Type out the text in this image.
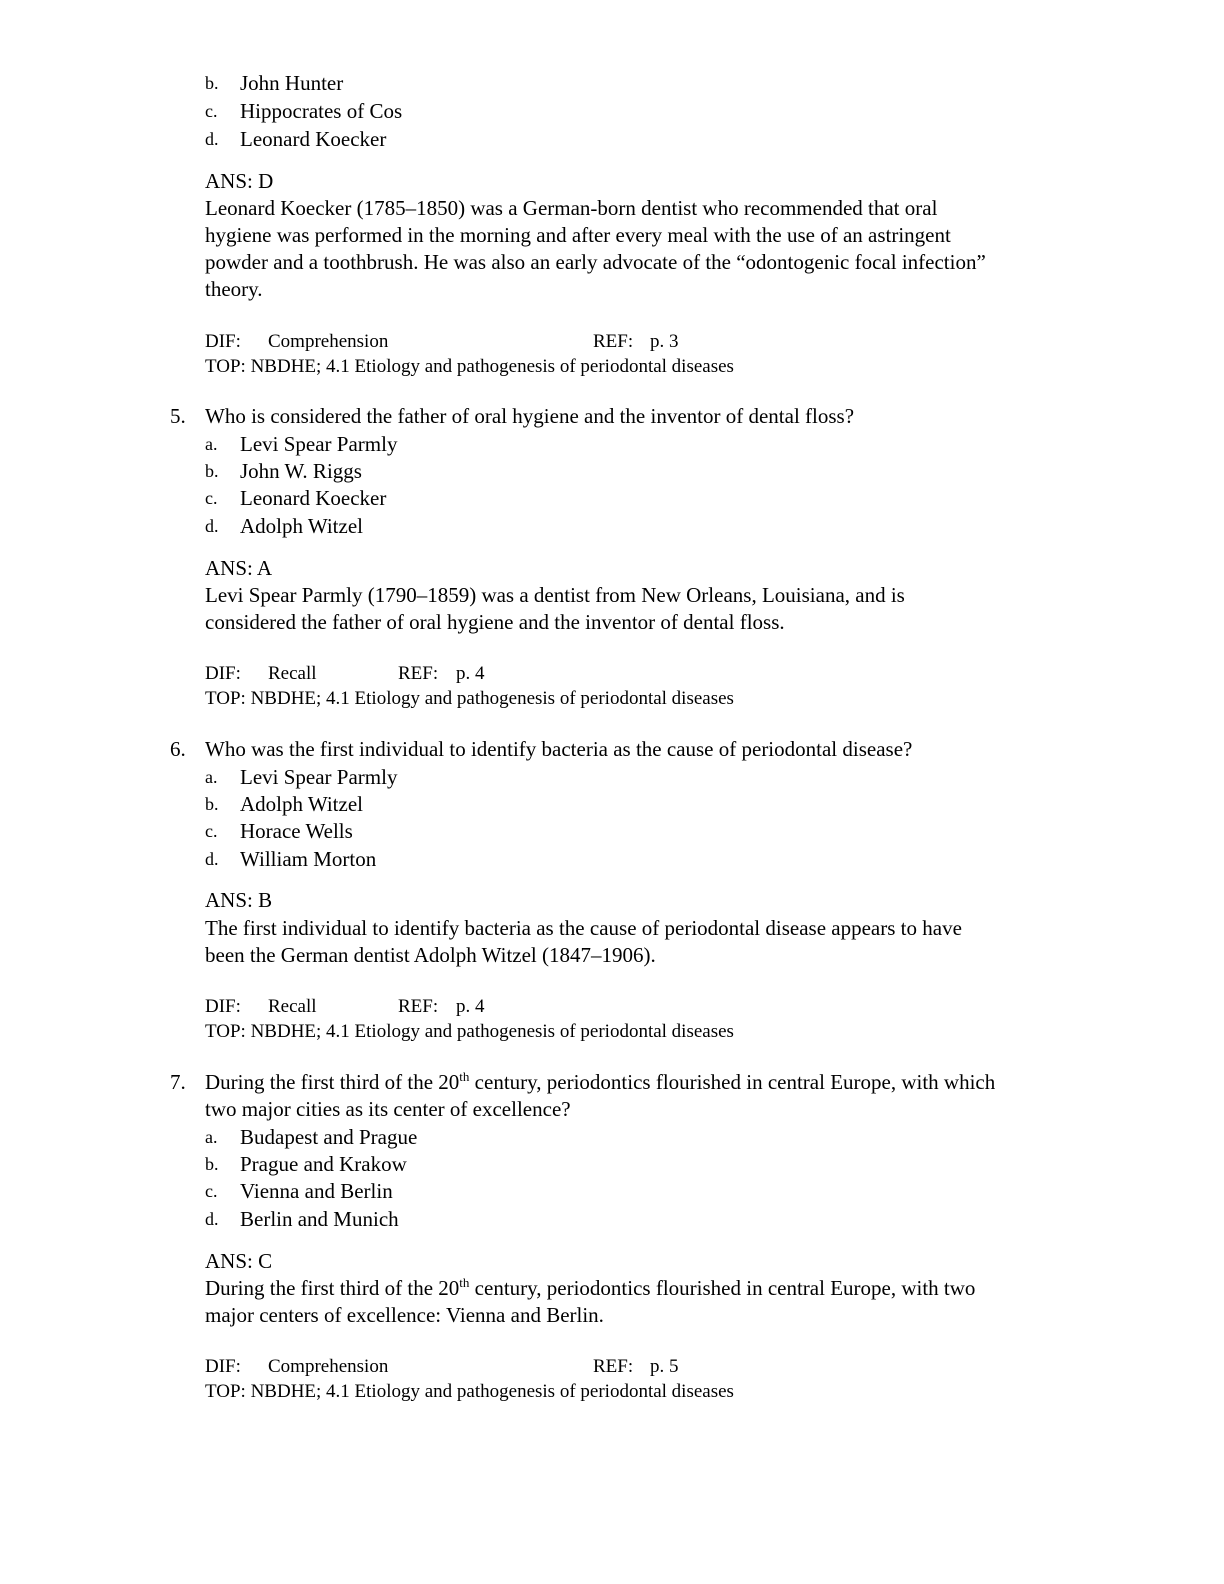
b. John Hunter
c. Hippocrates of Cos
d. Leonard Koecker
ANS: D
Leonard Koecker (1785–1850) was a German-born dentist who recommended that oral
hygiene was performed in the morning and after every meal with the use of an astringent
powder and a toothbrush. He was also an early advocate of the “odontogenic focal infection”
theory.
DIF: Comprehension	REF: p. 3
TOP: NBDHE; 4.1 Etiology and pathogenesis of periodontal diseases
5. Who is considered the father of oral hygiene and the inventor of dental floss?
a. Levi Spear Parmly
b. John W. Riggs
c. Leonard Koecker
d. Adolph Witzel
ANS: A
Levi Spear Parmly (1790–1859) was a dentist from New Orleans, Louisiana, and is
considered the father of oral hygiene and the inventor of dental floss.
DIF: Recall	REF: p. 4
TOP: NBDHE; 4.1 Etiology and pathogenesis of periodontal diseases
6. Who was the first individual to identify bacteria as the cause of periodontal disease?
a. Levi Spear Parmly
b. Adolph Witzel
c. Horace Wells
d. William Morton
ANS: B
The first individual to identify bacteria as the cause of periodontal disease appears to have
been the German dentist Adolph Witzel (1847–1906).
DIF: Recall	REF: p. 4
TOP: NBDHE; 4.1 Etiology and pathogenesis of periodontal diseases
7. During the first third of the 20th century, periodontics flourished in central Europe, with which
two major cities as its center of excellence?
a. Budapest and Prague
b. Prague and Krakow
c. Vienna and Berlin
d. Berlin and Munich
ANS: C
During the first third of the 20th century, periodontics flourished in central Europe, with two
major centers of excellence: Vienna and Berlin.
DIF: Comprehension	REF: p. 5
TOP: NBDHE; 4.1 Etiology and pathogenesis of periodontal diseases
